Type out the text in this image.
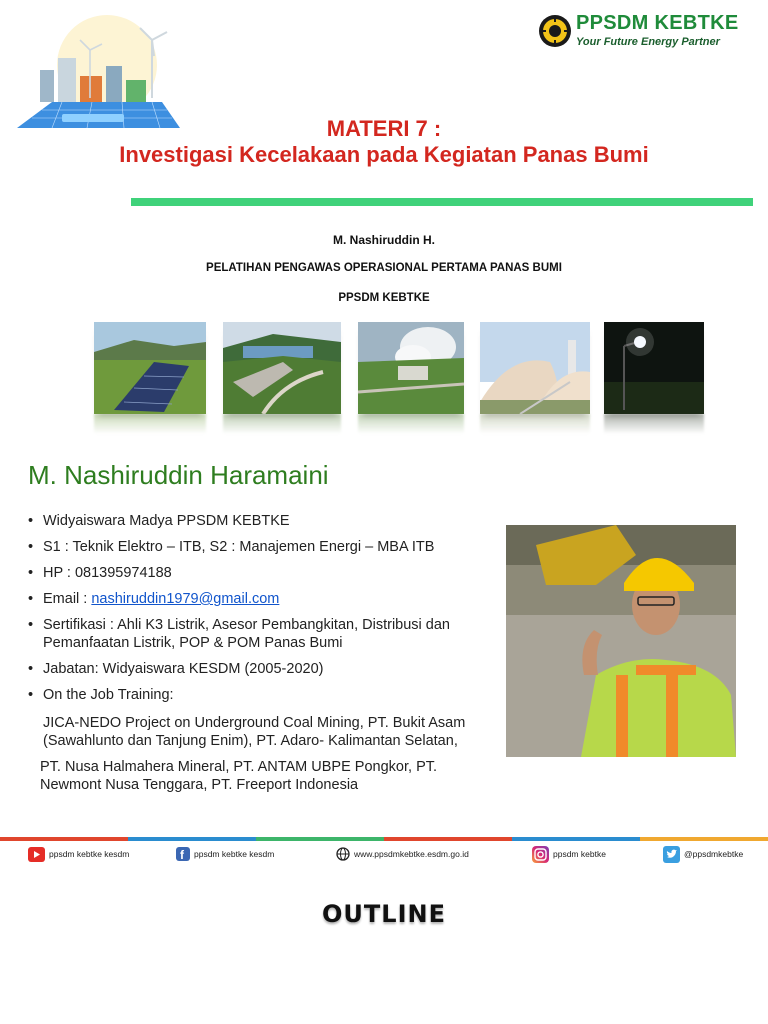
PPSDM KEBTKE
Your Future Energy Partner
MATERI 7 :
Investigasi Kecelakaan pada Kegiatan Panas Bumi
M. Nashiruddin H.
PELATIHAN PENGAWAS OPERASIONAL PERTAMA PANAS BUMI
PPSDM KEBTKE
M. Nashiruddin Haramaini
• Widyaiswara Madya PPSDM KEBTKE
• S1 : Teknik Elektro – ITB, S2 : Manajemen Energi – MBA ITB
• HP : 081395974188
• Email : nashiruddin1979@gmail.com
• Sertifikasi : Ahli K3 Listrik, Asesor Pembangkitan, Distribusi dan Pemanfaatan Listrik, POP & POM Panas Bumi
• Jabatan: Widyaiswara KESDM (2005-2020)
• On the Job Training:
JICA-NEDO Project on Underground Coal Mining, PT. Bukit Asam (Sawahlunto dan Tanjung Enim), PT. Adaro- Kalimantan Selatan,
PT. Nusa Halmahera Mineral, PT. ANTAM UBPE Pongkor, PT. Newmont Nusa Tenggara, PT. Freeport Indonesia
ppsdm kebtke kesdm	f ppsdm kebtke kesdm	www.ppsdmkebtke.esdm.go.id	ppsdm kebtke	@ppsdmkebtke
OUTLINE
